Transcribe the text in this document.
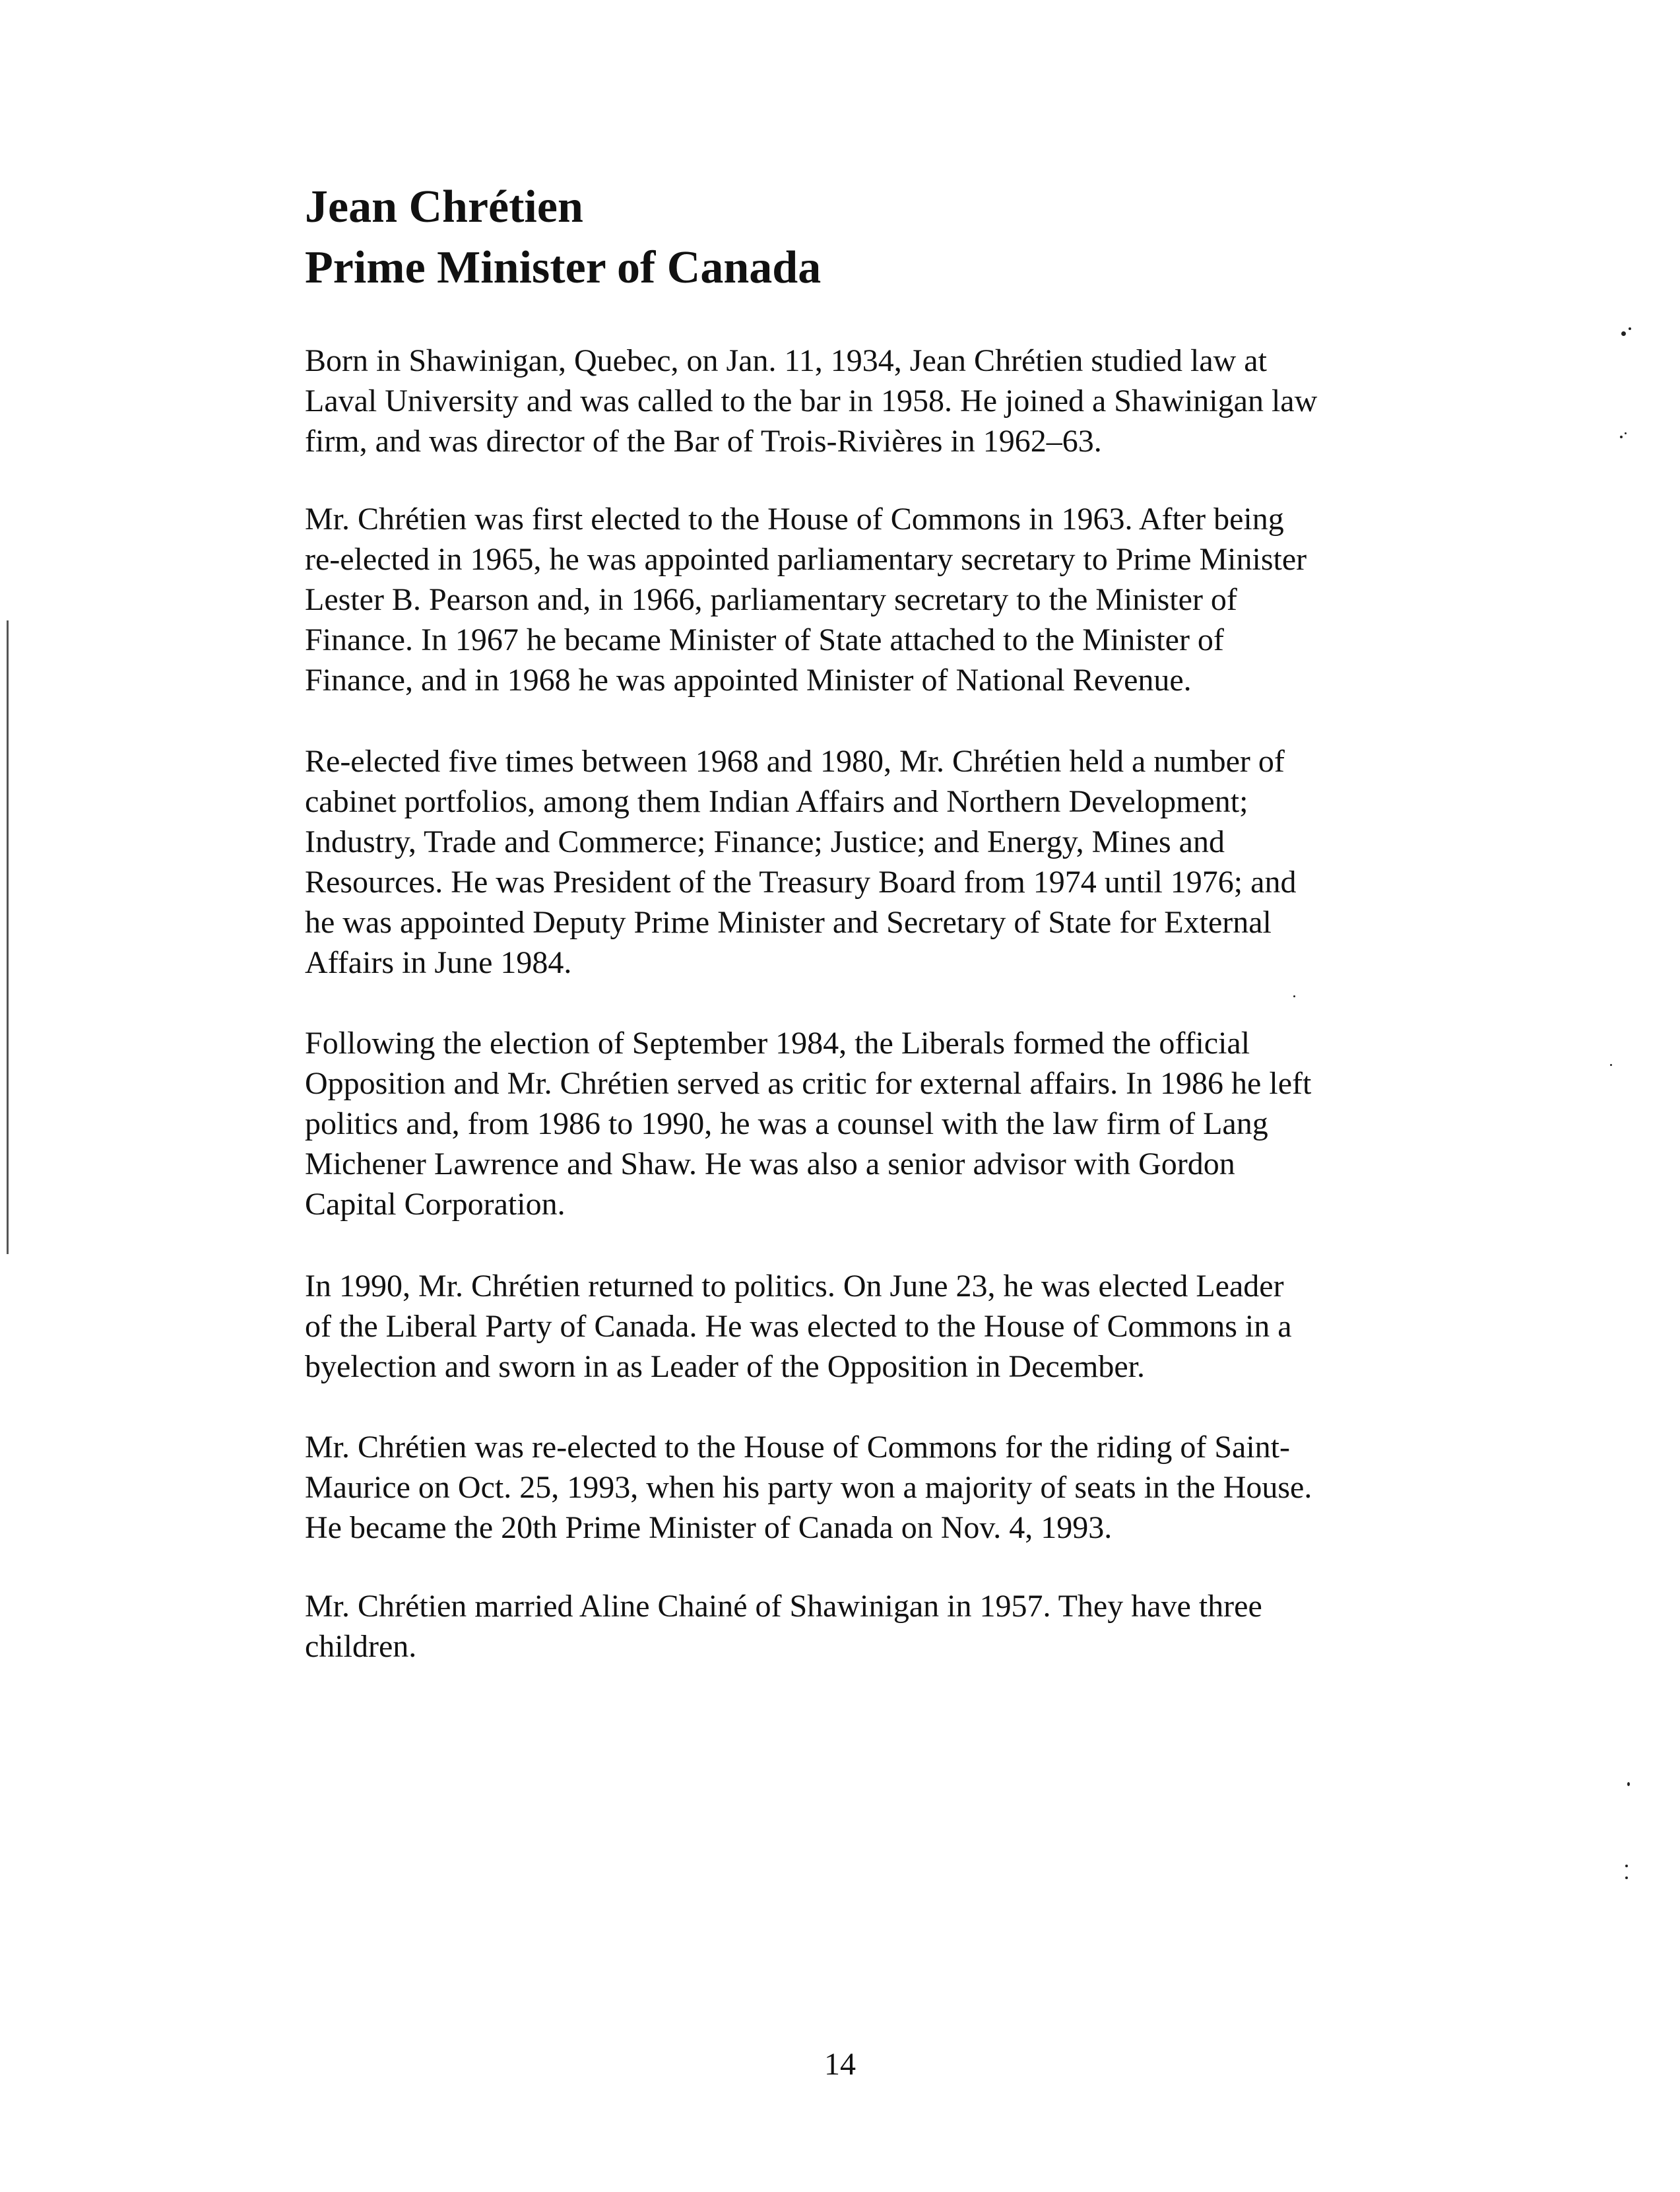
Jean Chrétien
Prime Minister of Canada

Born in Shawinigan, Quebec, on Jan. 11, 1934, Jean Chrétien studied law at
Laval University and was called to the bar in 1958. He joined a Shawinigan law
firm, and was director of the Bar of Trois-Rivières in 1962–63.

Mr. Chrétien was first elected to the House of Commons in 1963. After being
re-elected in 1965, he was appointed parliamentary secretary to Prime Minister
Lester B. Pearson and, in 1966, parliamentary secretary to the Minister of
Finance. In 1967 he became Minister of State attached to the Minister of
Finance, and in 1968 he was appointed Minister of National Revenue.

Re-elected five times between 1968 and 1980, Mr. Chrétien held a number of
cabinet portfolios, among them Indian Affairs and Northern Development;
Industry, Trade and Commerce; Finance; Justice; and Energy, Mines and
Resources. He was President of the Treasury Board from 1974 until 1976; and
he was appointed Deputy Prime Minister and Secretary of State for External
Affairs in June 1984.

Following the election of September 1984, the Liberals formed the official
Opposition and Mr. Chrétien served as critic for external affairs. In 1986 he left
politics and, from 1986 to 1990, he was a counsel with the law firm of Lang
Michener Lawrence and Shaw. He was also a senior advisor with Gordon
Capital Corporation.

In 1990, Mr. Chrétien returned to politics. On June 23, he was elected Leader
of the Liberal Party of Canada. He was elected to the House of Commons in a
byelection and sworn in as Leader of the Opposition in December.

Mr. Chrétien was re-elected to the House of Commons for the riding of Saint-
Maurice on Oct. 25, 1993, when his party won a majority of seats in the House.
He became the 20th Prime Minister of Canada on Nov. 4, 1993.

Mr. Chrétien married Aline Chainé of Shawinigan in 1957. They have three
children.

14
